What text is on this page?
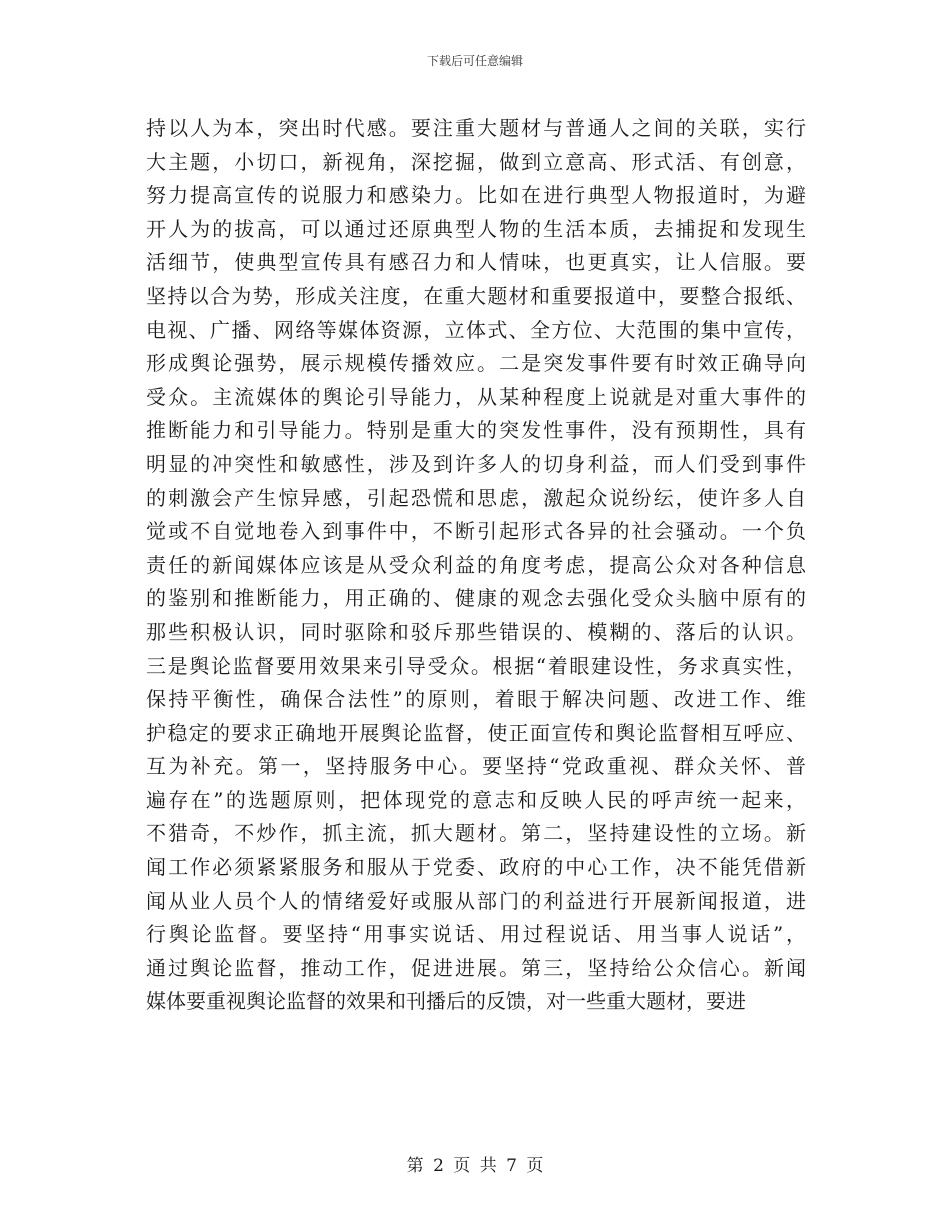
下载后可任意编辑
持以人为本，突出时代感。要注重大题材与普通人之间的关联，实行
大主题，小切口，新视角，深挖掘，做到立意高、形式活、有创意，
努力提高宣传的说服力和感染力。比如在进行典型人物报道时，为避
开人为的拔高，可以通过还原典型人物的生活本质，去捕捉和发现生
活细节，使典型宣传具有感召力和人情味，也更真实，让人信服。要
坚持以合为势，形成关注度，在重大题材和重要报道中，要整合报纸、
电视、广播、网络等媒体资源，立体式、全方位、大范围的集中宣传，
形成舆论强势，展示规模传播效应。二是突发事件要有时效正确导向
受众。主流媒体的舆论引导能力，从某种程度上说就是对重大事件的
推断能力和引导能力。特别是重大的突发性事件，没有预期性，具有
明显的冲突性和敏感性，涉及到许多人的切身利益，而人们受到事件
的刺激会产生惊异感，引起恐慌和思虑，激起众说纷纭，使许多人自
觉或不自觉地卷入到事件中，不断引起形式各异的社会骚动。一个负
责任的新闻媒体应该是从受众利益的角度考虑，提高公众对各种信息
的鉴别和推断能力，用正确的、健康的观念去强化受众头脑中原有的
那些积极认识，同时驱除和驳斥那些错误的、模糊的、落后的认识。
三是舆论监督要用效果来引导受众。根据“着眼建设性，务求真实性，
保持平衡性，确保合法性”的原则，着眼于解决问题、改进工作、维
护稳定的要求正确地开展舆论监督，使正面宣传和舆论监督相互呼应、
互为补充。第一，坚持服务中心。要坚持“党政重视、群众关怀、普
遍存在”的选题原则，把体现党的意志和反映人民的呼声统一起来，
不猎奇，不炒作，抓主流，抓大题材。第二，坚持建设性的立场。新
闻工作必须紧紧服务和服从于党委、政府的中心工作，决不能凭借新
闻从业人员个人的情绪爱好或服从部门的利益进行开展新闻报道，进
行舆论监督。要坚持“用事实说话、用过程说话、用当事人说话”，
通过舆论监督，推动工作，促进进展。第三，坚持给公众信心。新闻
媒体要重视舆论监督的效果和刊播后的反馈，对一些重大题材，要进
第 2 页 共 7 页
